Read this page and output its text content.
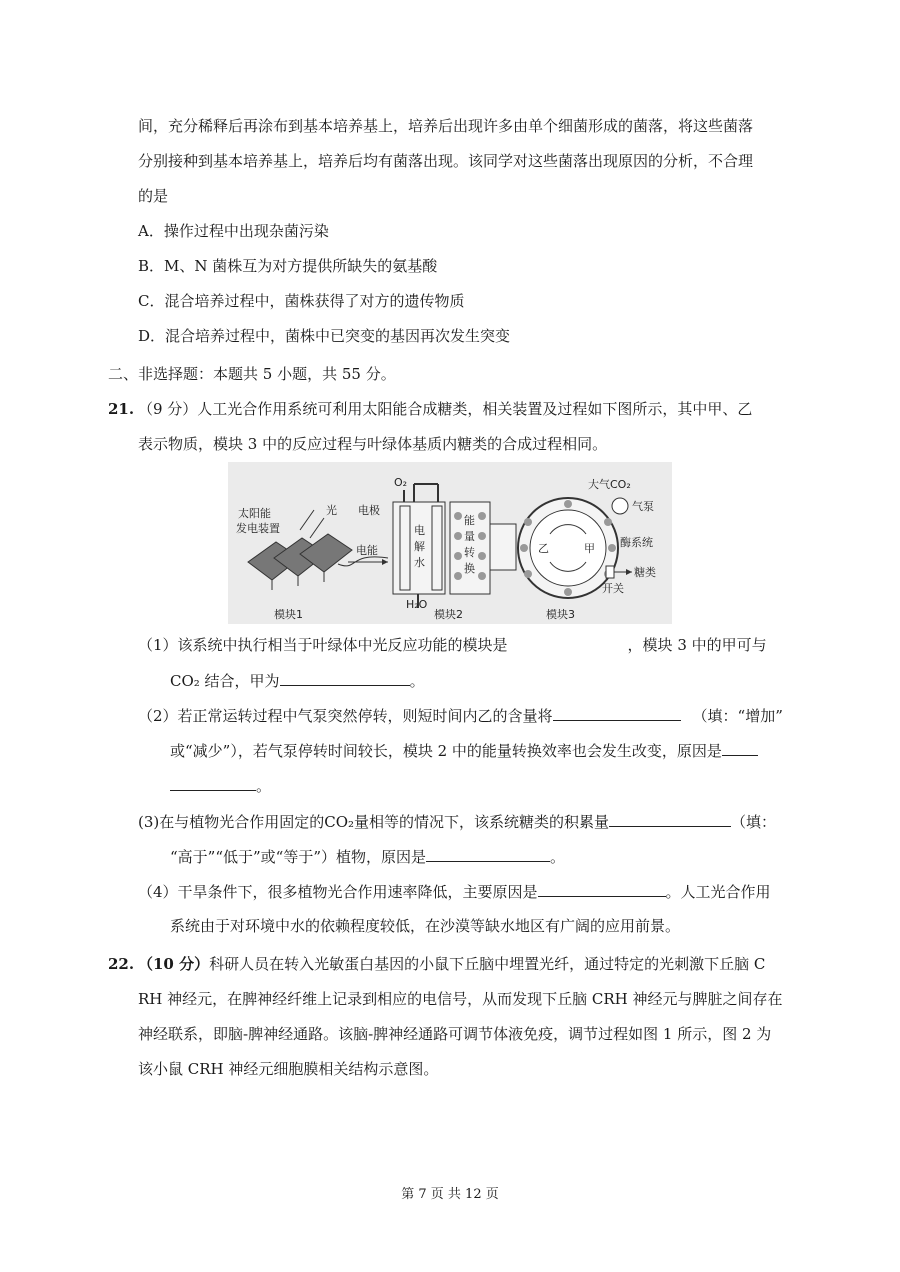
间，充分稀释后再涂布到基本培养基上，培养后出现许多由单个细菌形成的菌落，将这些菌落
分别接种到基本培养基上，培养后均有菌落出现。该同学对这些菌落出现原因的分析，不合理
的是
A．操作过程中出现杂菌污染
B．M、N 菌株互为对方提供所缺失的氨基酸
C．混合培养过程中，菌株获得了对方的遗传物质
D．混合培养过程中，菌株中已突变的基因再次发生突变
二、非选择题：本题共 5 小题，共 55 分。
21. （9 分）人工光合作用系统可利用太阳能合成糖类，相关装置及过程如下图所示，其中甲、乙
表示物质，模块 3 中的反应过程与叶绿体基质内糖类的合成过程相同。
太阳能
发电装置
光
电能
电极
O₂
电
解
水
H₂O
能
量
转
换
乙	甲
大气CO₂
气泵
酶系统
糖类
开关
模块1	模块2	模块3
（1）该系统中执行相当于叶绿体中光反应功能的模块是	，模块 3 中的甲可与
CO₂ 结合，甲为	。
（2）若正常运转过程中气泵突然停转，则短时间内乙的含量将	（填：“增加”
或“减少”），若气泵停转时间较长，模块 2 中的能量转换效率也会发生改变，原因是
。
(3)在与植物光合作用固定的CO₂量相等的情况下，该系统糖类的积累量	（填：
“高于”“低于”或“等于”）植物，原因是	。
（4）干旱条件下，很多植物光合作用速率降低，主要原因是	。人工光合作用
系统由于对环境中水的依赖程度较低，在沙漠等缺水地区有广阔的应用前景。
22. （10 分）科研人员在转入光敏蛋白基因的小鼠下丘脑中埋置光纤，通过特定的光刺激下丘脑 C
RH 神经元，在脾神经纤维上记录到相应的电信号，从而发现下丘脑 CRH 神经元与脾脏之间存在
神经联系，即脑-脾神经通路。该脑-脾神经通路可调节体液免疫，调节过程如图 1 所示，图 2 为
该小鼠 CRH 神经元细胞膜相关结构示意图。
第 7 页 共 12 页
